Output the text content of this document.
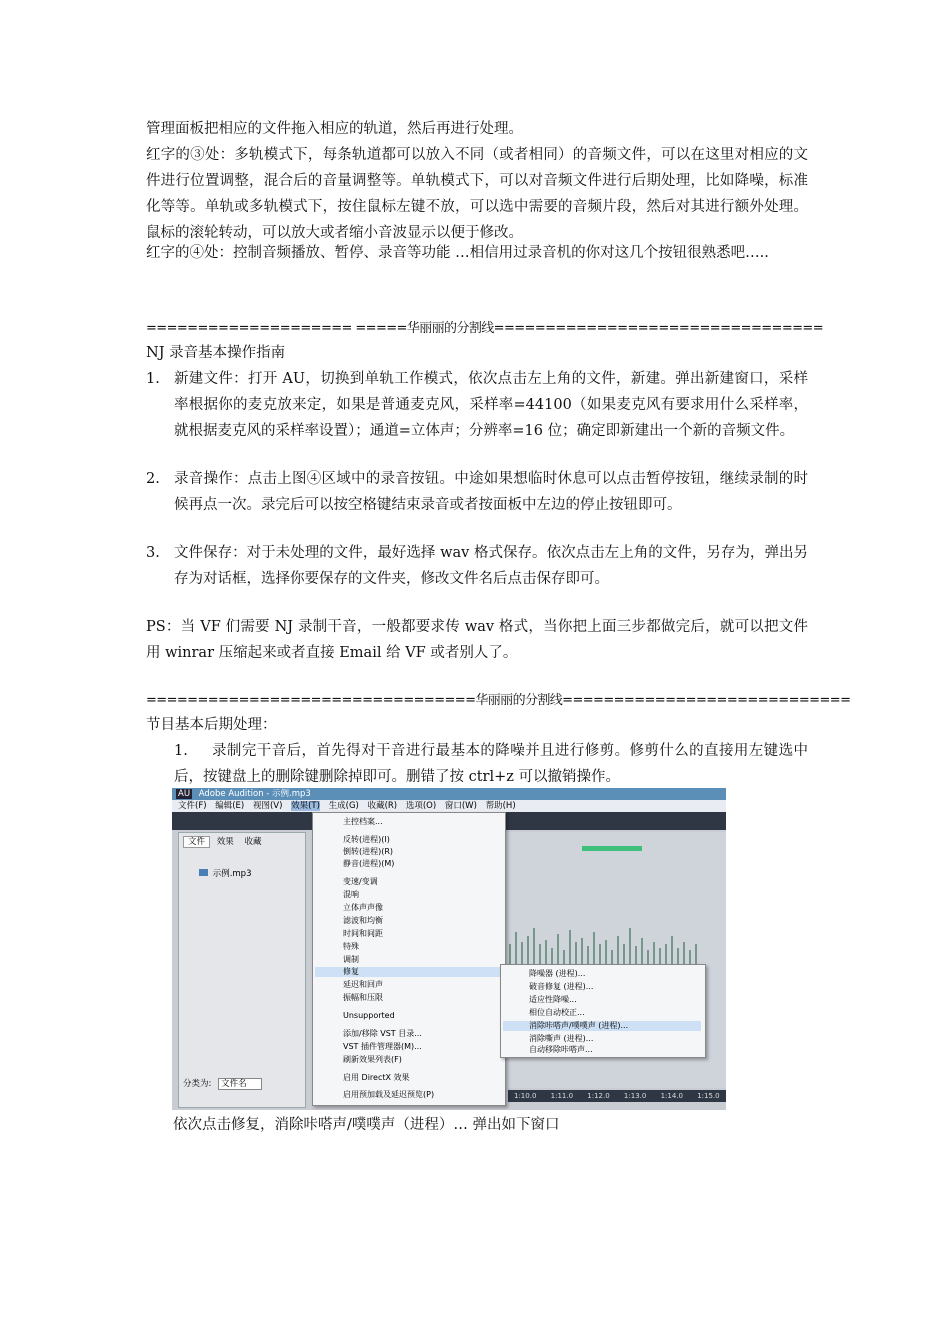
管理面板把相应的文件拖入相应的轨道，然后再进行处理。
红字的③处：多轨模式下，每条轨道都可以放入不同（或者相同）的音频文件，可以在这里对相应的文件进行位置调整，混合后的音量调整等。单轨模式下，可以对音频文件进行后期处理，比如降噪，标准化等等。单轨或多轨模式下，按住鼠标左键不放，可以选中需要的音频片段，然后对其进行额外处理。鼠标的滚轮转动，可以放大或者缩小音波显示以便于修改。
红字的④处：控制音频播放、暂停、录音等功能 …相信用过录音机的你对这几个按钮很熟悉吧…..
==================== =====华丽丽的分割线================================
NJ 录音基本操作指南
1. 新建文件：打开 AU，切换到单轨工作模式，依次点击左上角的文件，新建。弹出新建窗口，采样率根据你的麦克放来定，如果是普通麦克风，采样率=44100（如果麦克风有要求用什么采样率，就根据麦克风的采样率设置）；通道=立体声；分辨率=16 位；确定即新建出一个新的音频文件。
2. 录音操作：点击上图④区域中的录音按钮。中途如果想临时休息可以点击暂停按钮，继续录制的时候再点一次。录完后可以按空格键结束录音或者按面板中左边的停止按钮即可。
3. 文件保存：对于未处理的文件，最好选择 wav 格式保存。依次点击左上角的文件，另存为，弹出另存为对话框，选择你要保存的文件夹，修改文件名后点击保存即可。
PS：当 VF 们需要 NJ 录制干音，一般都要求传 wav 格式，当你把上面三步都做完后，就可以把文件用 winrar 压缩起来或者直接 Email 给 VF 或者别人了。
================================华丽丽的分割线============================
节目基本后期处理：
1.	录制完干音后，首先得对干音进行最基本的降噪并且进行修剪。修剪什么的直接用左键选中后，按键盘上的删除键删除掉即可。删错了按 ctrl+z 可以撤销操作。
AU Adobe Audition - 示例.mp3
文件(F) 编辑(E) 视图(V) 效果(T) 生成(G) 收藏(R) 选项(O) 窗口(W) 帮助(H)
文件 效果 收藏
示例.mp3
分类为: 文件名
1:10.0 1:11.0 1:12.0 1:13.0 1:14.0 1:15.0
主控档案...
反转(进程)(I)
倒转(进程)(R)
静音(进程)(M)
变速/变调
混响
立体声声像
滤波和均衡
时间和间距
特殊
调制
修复
延迟和回声
振幅和压限
Unsupported
添加/移除 VST 目录...
VST 插件管理器(M)...
刷新效果列表(F)
启用 DirectX 效果
启用预加载及延迟预览(P)
降噪器 (进程)...
破音修复 (进程)...
适应性降噪...
相位自动校正...
消除咔嗒声/噗噗声 (进程)...
消除嘶声 (进程)...
自动移除咔嗒声...
依次点击修复，消除咔嗒声/噗噗声（进程）… 弹出如下窗口
